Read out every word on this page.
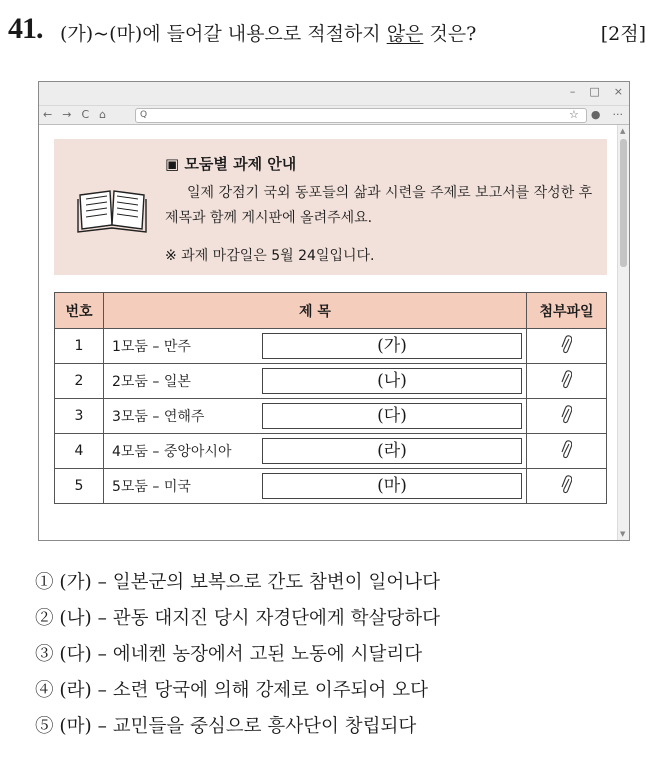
41. (가)~(마)에 들어갈 내용으로 적절하지 않은 것은?	[2점]
– □ ×
← → C ⌂	Q	☆ ● ···
▣ 모둠별 과제 안내
일제 강점기 국외 동포들의 삶과 시련을 주제로 보고서를 작성한 후 제목과 함께 게시판에 올려주세요.
※ 과제 마감일은 5월 24일입니다.
번호	제 목	첨부파일
1	1모둠 – 만주 (가)

2	2모둠 – 일본 (나)

3	3모둠 – 연해주 (다)

4	4모둠 – 중앙아시아 (라)

5	5모둠 – 미국 (마)

▲
▼
① (가) – 일본군의 보복으로 간도 참변이 일어나다
② (나) – 관동 대지진 당시 자경단에게 학살당하다
③ (다) – 에네켄 농장에서 고된 노동에 시달리다
④ (라) – 소련 당국에 의해 강제로 이주되어 오다
⑤ (마) – 교민들을 중심으로 흥사단이 창립되다
